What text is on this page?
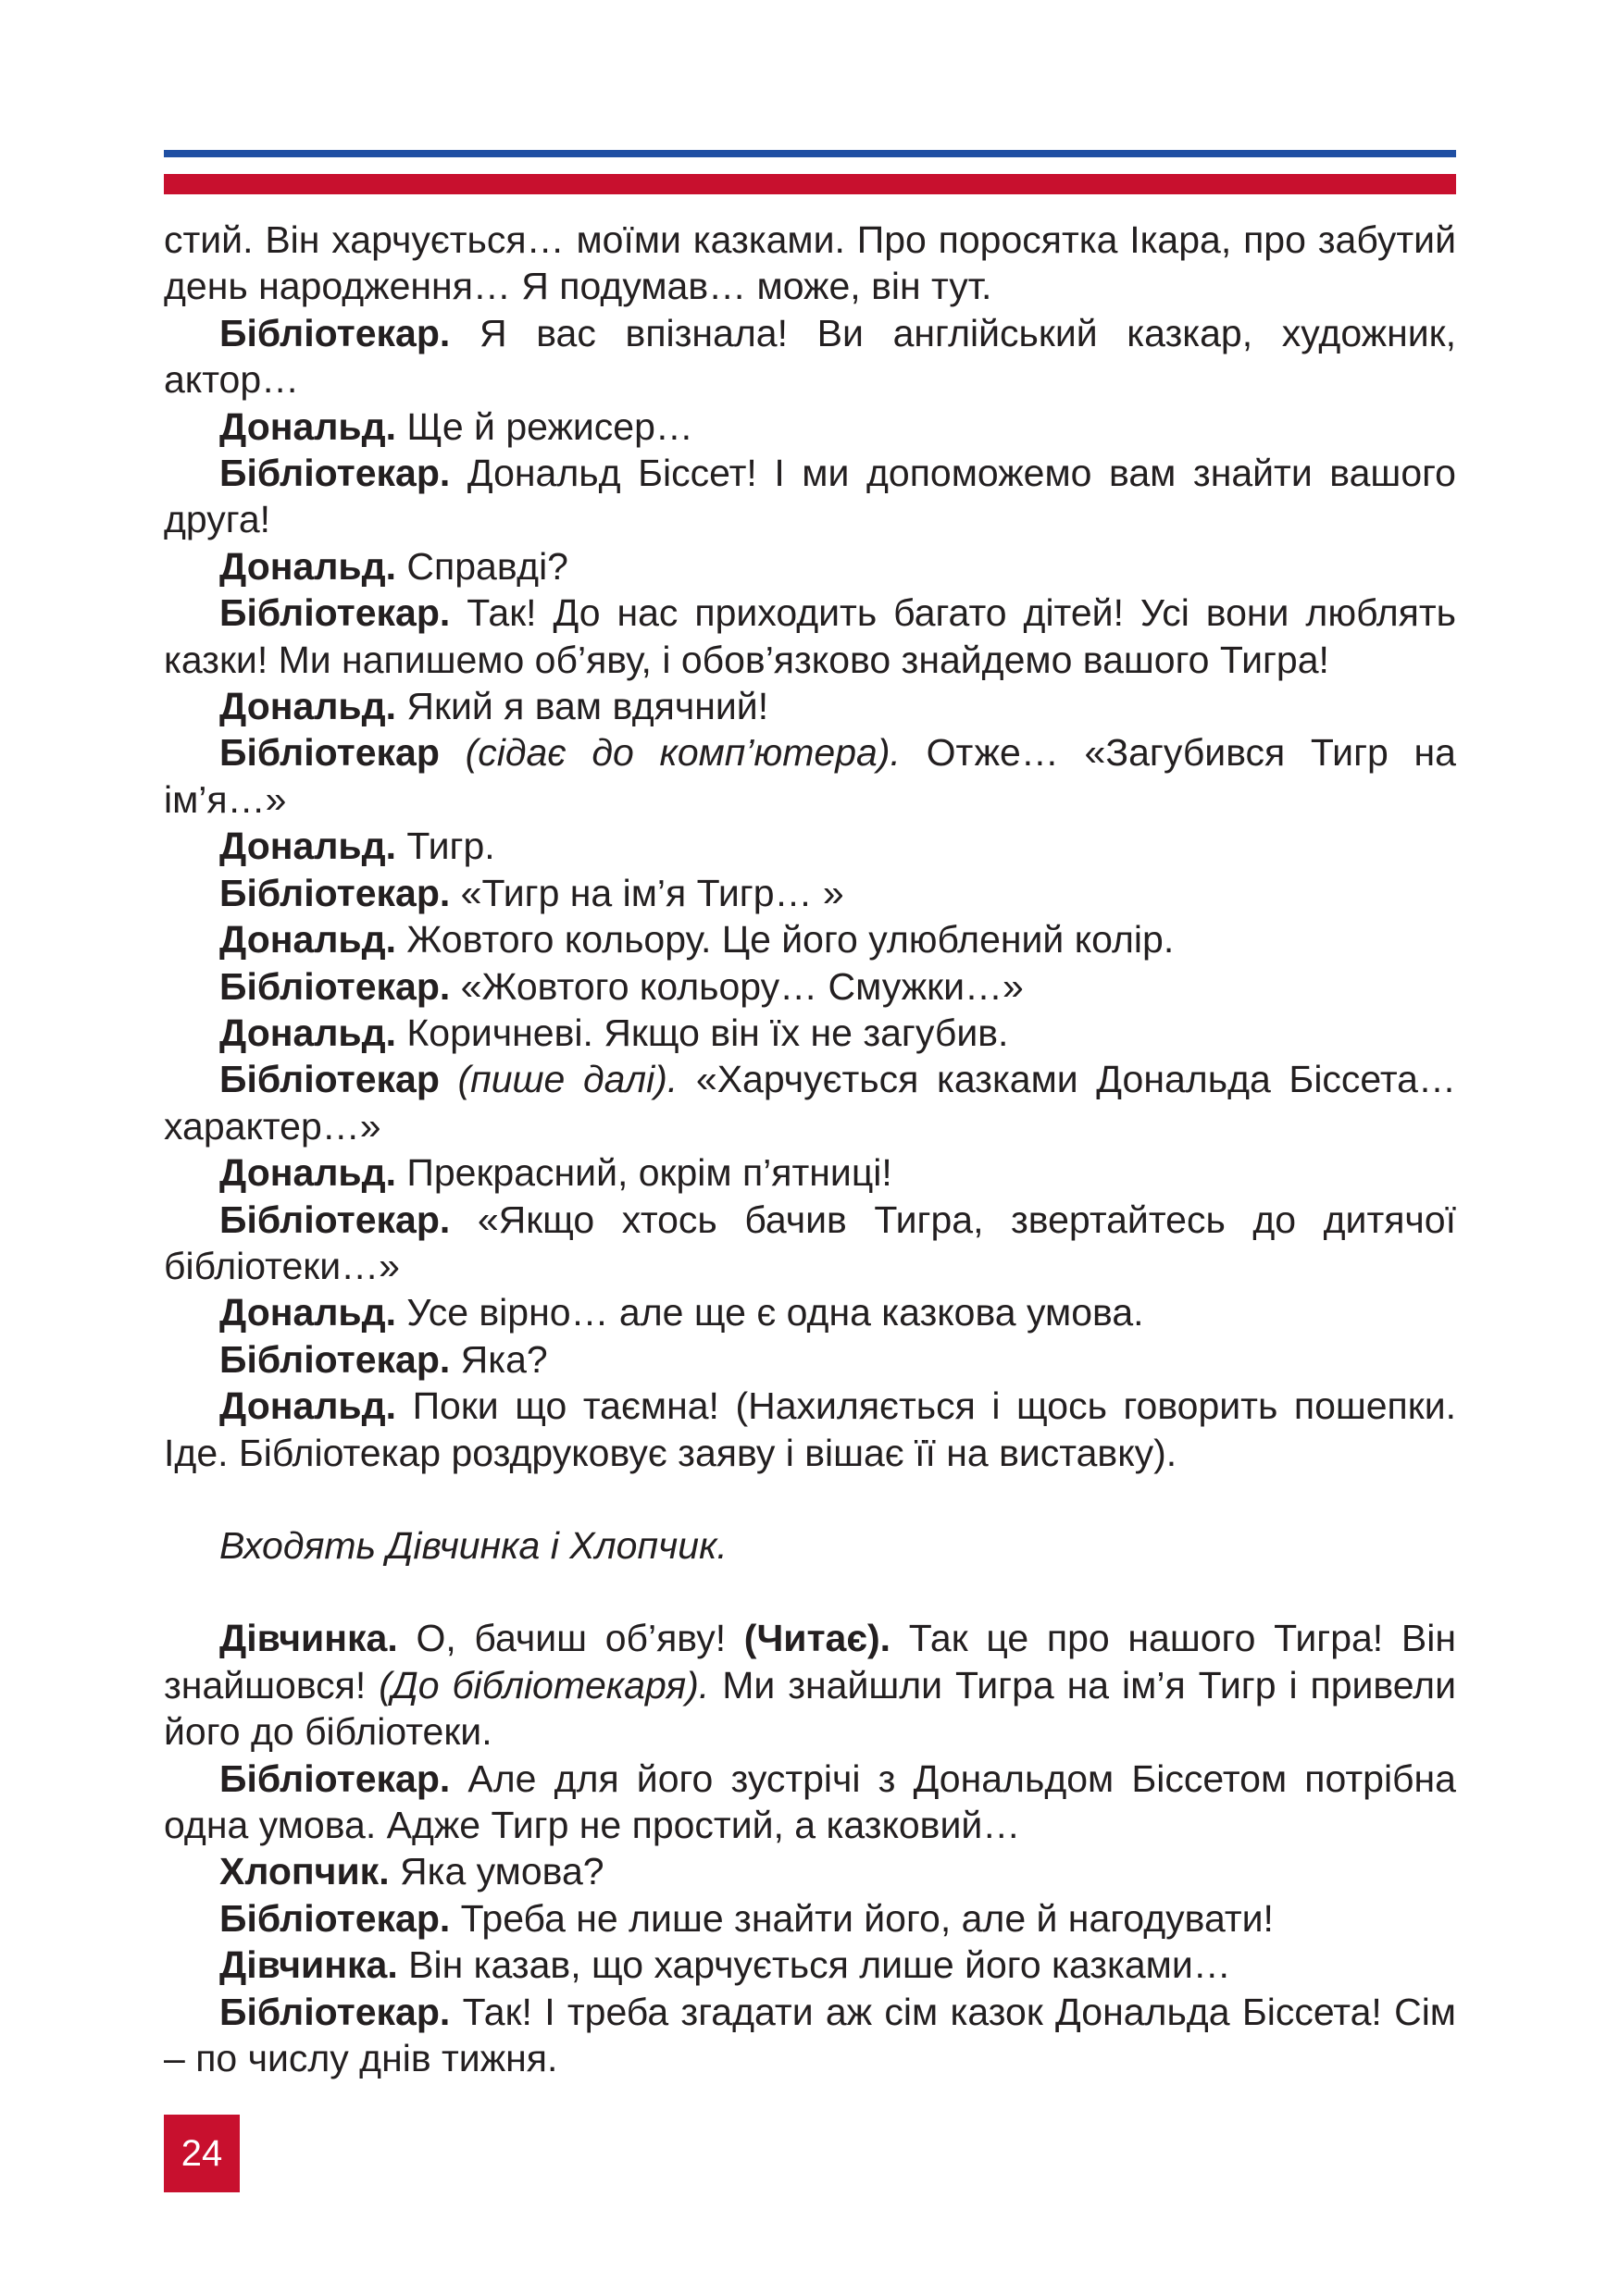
стий. Він харчується… моїми казками. Про поросятка Ікара, про забутий день народження… Я подумав… може, він тут.

Бібліотекар. Я вас впізнала! Ви англійський казкар, художник, актор…

Дональд. Ще й режисер…

Бібліотекар. Дональд Біссет! І ми допоможемо вам знайти вашого друга!

Дональд. Справді?

Бібліотекар. Так! До нас приходить багато дітей! Усі вони люблять казки! Ми напишемо об’яву, і обов’язково знайдемо вашого Тигра!

Дональд. Який я вам вдячний!

Бібліотекар (сідає до комп’ютера). Отже… «Загубився Тигр на ім’я…»

Дональд. Тигр.

Бібліотекар. «Тигр на ім’я Тигр… »

Дональд. Жовтого кольору. Це його улюблений колір.

Бібліотекар. «Жовтого кольору… Смужки…»

Дональд. Коричневі. Якщо він їх не загубив.

Бібліотекар (пише далі). «Харчується казками Дональда Біссета… характер…»

Дональд. Прекрасний, окрім п’ятниці!

Бібліотекар. «Якщо хтось бачив Тигра, звертайтесь до дитячої бібліотеки…»

Дональд. Усе вірно… але ще є одна казкова умова.

Бібліотекар. Яка?

Дональд. Поки що таємна! (Нахиляється і щось говорить пошепки. Іде. Бібліотекар роздруковує заяву і вішає її на виставку).

Входять Дівчинка і Хлопчик.

Дівчинка. О, бачиш об’яву! (Читає). Так це про нашого Тигра! Він знайшовся! (До бібліотекаря). Ми знайшли Тигра на ім’я Тигр і привели його до бібліотеки.

Бібліотекар. Але для його зустрічі з Дональдом Біссетом потрібна одна умова. Адже Тигр не простий, а казковий…

Хлопчик. Яка умова?

Бібліотекар. Треба не лише знайти його, але й нагодувати!

Дівчинка. Він казав, що харчується лише його казками…

Бібліотекар. Так! І треба згадати аж сім казок Дональда Біссета! Сім – по числу днів тижня.

24
